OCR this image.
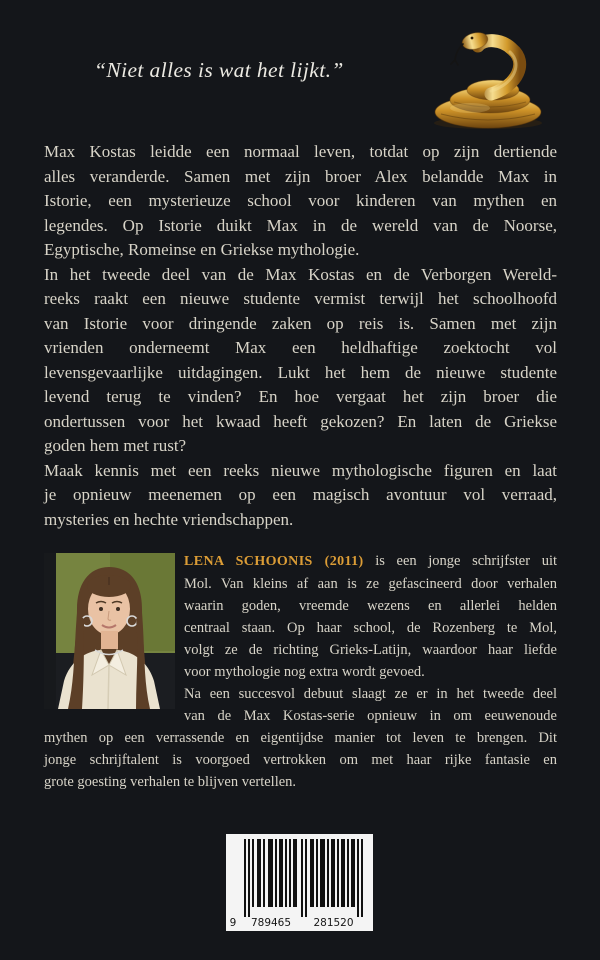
“Niet alles is wat het lijkt.”
Max Kostas leidde een normaal leven, totdat op zijn dertiende
alles veranderde. Samen met zijn broer Alex belandde Max in
Istorie, een mysterieuze school voor kinderen van mythen en
legendes. Op Istorie duikt Max in de wereld van de Noorse,
Egyptische, Romeinse en Griekse mythologie.
In het tweede deel van de Max Kostas en de Verborgen Wereld-
reeks raakt een nieuwe studente vermist terwijl het schoolhoofd
van Istorie voor dringende zaken op reis is. Samen met zijn
vrienden onderneemt Max een heldhaftige zoektocht vol
levensgevaarlijke uitdagingen. Lukt het hem de nieuwe studente
levend terug te vinden? En hoe vergaat het zijn broer die
ondertussen voor het kwaad heeft gekozen? En laten de Griekse
goden hem met rust?
Maak kennis met een reeks nieuwe mythologische figuren en laat
je opnieuw meenemen op een magisch avontuur vol verraad,
mysteries en hechte vriendschappen.
LENA SCHOONIS (2011) is een jonge schrijfster uit
Mol. Van kleins af aan is ze gefascineerd door verhalen
waarin goden, vreemde wezens en allerlei helden
centraal staan. Op haar school, de Rozenberg te Mol,
volgt ze de richting Grieks-Latijn, waardoor haar liefde
voor mythologie nog extra wordt gevoed.
Na een succesvol debuut slaagt ze er in het tweede deel
van de Max Kostas-serie opnieuw in om eeuwenoude
mythen op een verrassende en eigentijdse manier tot leven te brengen. Dit
jonge schrijftalent is voorgoed vertrokken om met haar rijke fantasie en
grote goesting verhalen te blijven vertellen.
9	789465	281520
